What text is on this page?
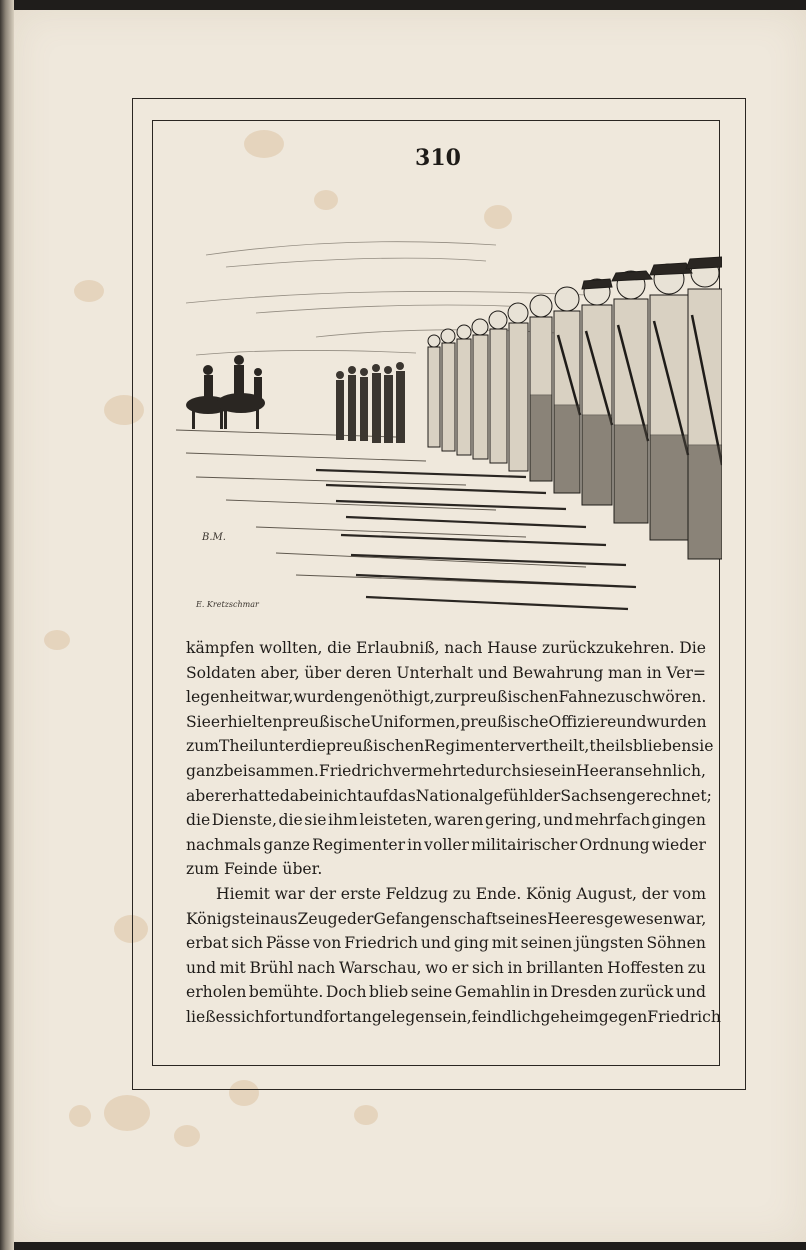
310
B.M.
E. Kretzschmar
kämpfen wollten, die Erlaubniß, nach Hause zurückzukehren. Die
Soldaten aber, über deren Unterhalt und Bewahrung man in Ver=
legenheit war, wurden genöthigt, zur preußischen Fahne zu schwören.
Sie erhielten preußische Uniformen, preußische Offiziere und wurden
zum Theil unter die preußischen Regimenter vertheilt, theils blieben sie
ganz beisammen. Friedrich vermehrte durch sie sein Heer ansehnlich,
aber er hatte dabei nicht auf das Nationalgefühl der Sachsen gerechnet;
die Dienste, die sie ihm leisteten, waren gering, und mehrfach gingen
nachmals ganze Regimenter in voller militairischer Ordnung wieder
zum Feinde über.
Hiemit war der erste Feldzug zu Ende. König August, der vom
Königstein aus Zeuge der Gefangenschaft seines Heeres gewesen war,
erbat sich Pässe von Friedrich und ging mit seinen jüngsten Söhnen
und mit Brühl nach Warschau, wo er sich in brillanten Hoffesten zu
erholen bemühte. Doch blieb seine Gemahlin in Dresden zurück und
ließ es sich fort und fort angelegen sein, feindlich geheim gegen Friedrich
